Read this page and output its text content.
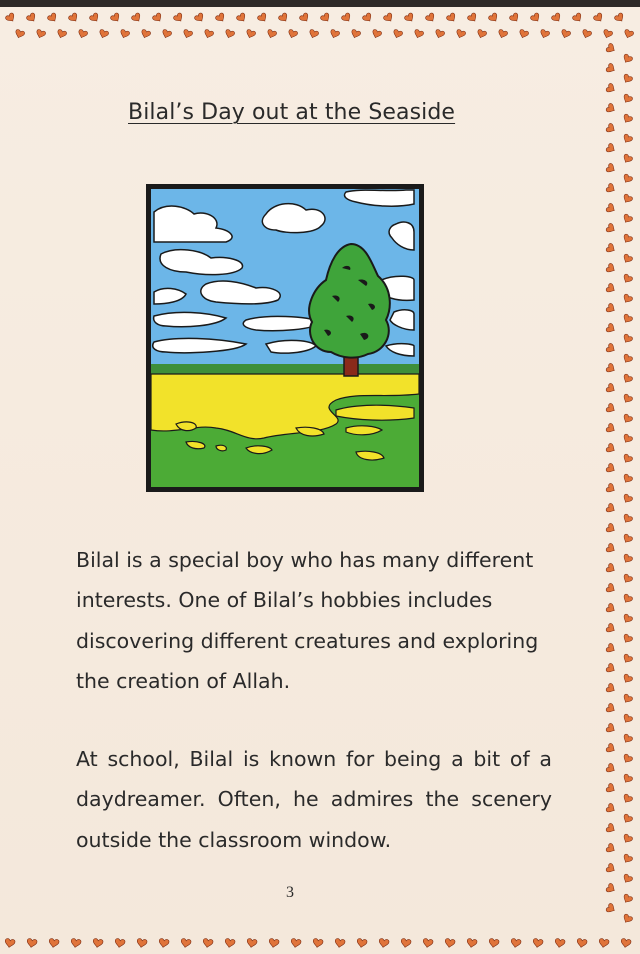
Bilal’s Day out at the Seaside

Bilal is a special boy who has many different interests. One of Bilal’s hobbies includes discovering different creatures and exploring the creation of Allah.

At school, Bilal is known for being a bit of a daydreamer. Often, he admires the scenery outside the classroom window.

3
